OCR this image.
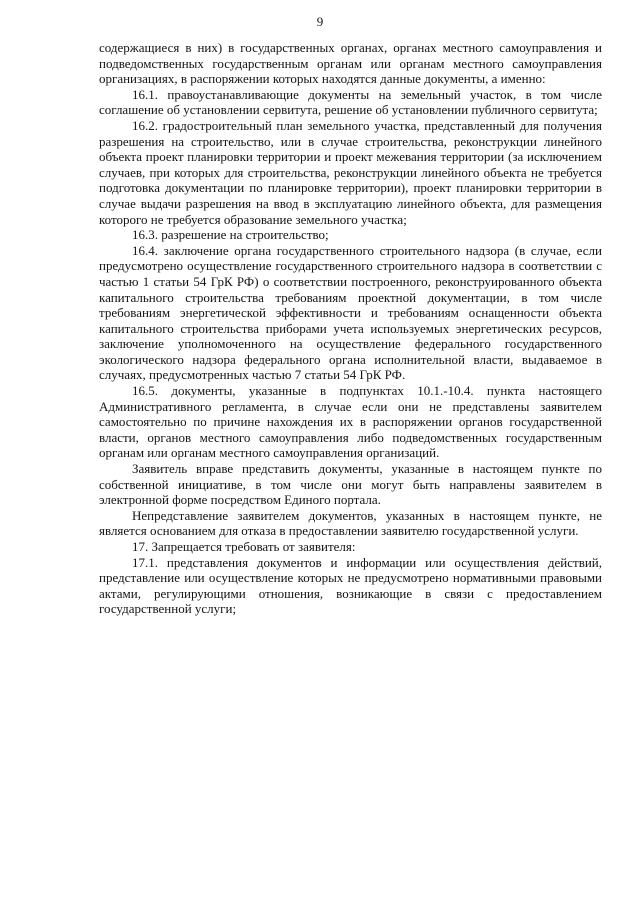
9

содержащиеся в них) в государственных органах, органах местного самоуправления и подведомственных государственным органам или органам местного самоуправления организациях, в распоряжении которых находятся данные документы, а именно:

16.1. правоустанавливающие документы на земельный участок, в том числе соглашение об установлении сервитута, решение об установлении публичного сервитута;

16.2. градостроительный план земельного участка, представленный для получения разрешения на строительство, или в случае строительства, реконструкции линейного объекта проект планировки территории и проект межевания территории (за исключением случаев, при которых для строительства, реконструкции линейного объекта не требуется подготовка документации по планировке территории), проект планировки территории в случае выдачи разрешения на ввод в эксплуатацию линейного объекта, для размещения которого не требуется образование земельного участка;

16.3. разрешение на строительство;

16.4. заключение органа государственного строительного надзора (в случае, если предусмотрено осуществление государственного строительного надзора в соответствии с частью 1 статьи 54 ГрК РФ) о соответствии построенного, реконструированного объекта капитального строительства требованиям проектной документации, в том числе требованиям энергетической эффективности и требованиям оснащенности объекта капитального строительства приборами учета используемых энергетических ресурсов, заключение уполномоченного на осуществление федерального государственного экологического надзора федерального органа исполнительной власти, выдаваемое в случаях, предусмотренных частью 7 статьи 54 ГрК РФ.

16.5. документы, указанные в подпунктах 10.1.-10.4. пункта настоящего Административного регламента, в случае если они не представлены заявителем самостоятельно по причине нахождения их в распоряжении органов государственной власти, органов местного самоуправления либо подведомственных государственным органам или органам местного самоуправления организаций.

Заявитель вправе представить документы, указанные в настоящем пункте по собственной инициативе, в том числе они могут быть направлены заявителем в электронной форме посредством Единого портала.

Непредставление заявителем документов, указанных в настоящем пункте, не является основанием для отказа в предоставлении заявителю государственной услуги.

17. Запрещается требовать от заявителя:

17.1. представления документов и информации или осуществления действий, представление или осуществление которых не предусмотрено нормативными правовыми актами, регулирующими отношения, возникающие в связи с предоставлением государственной услуги;
